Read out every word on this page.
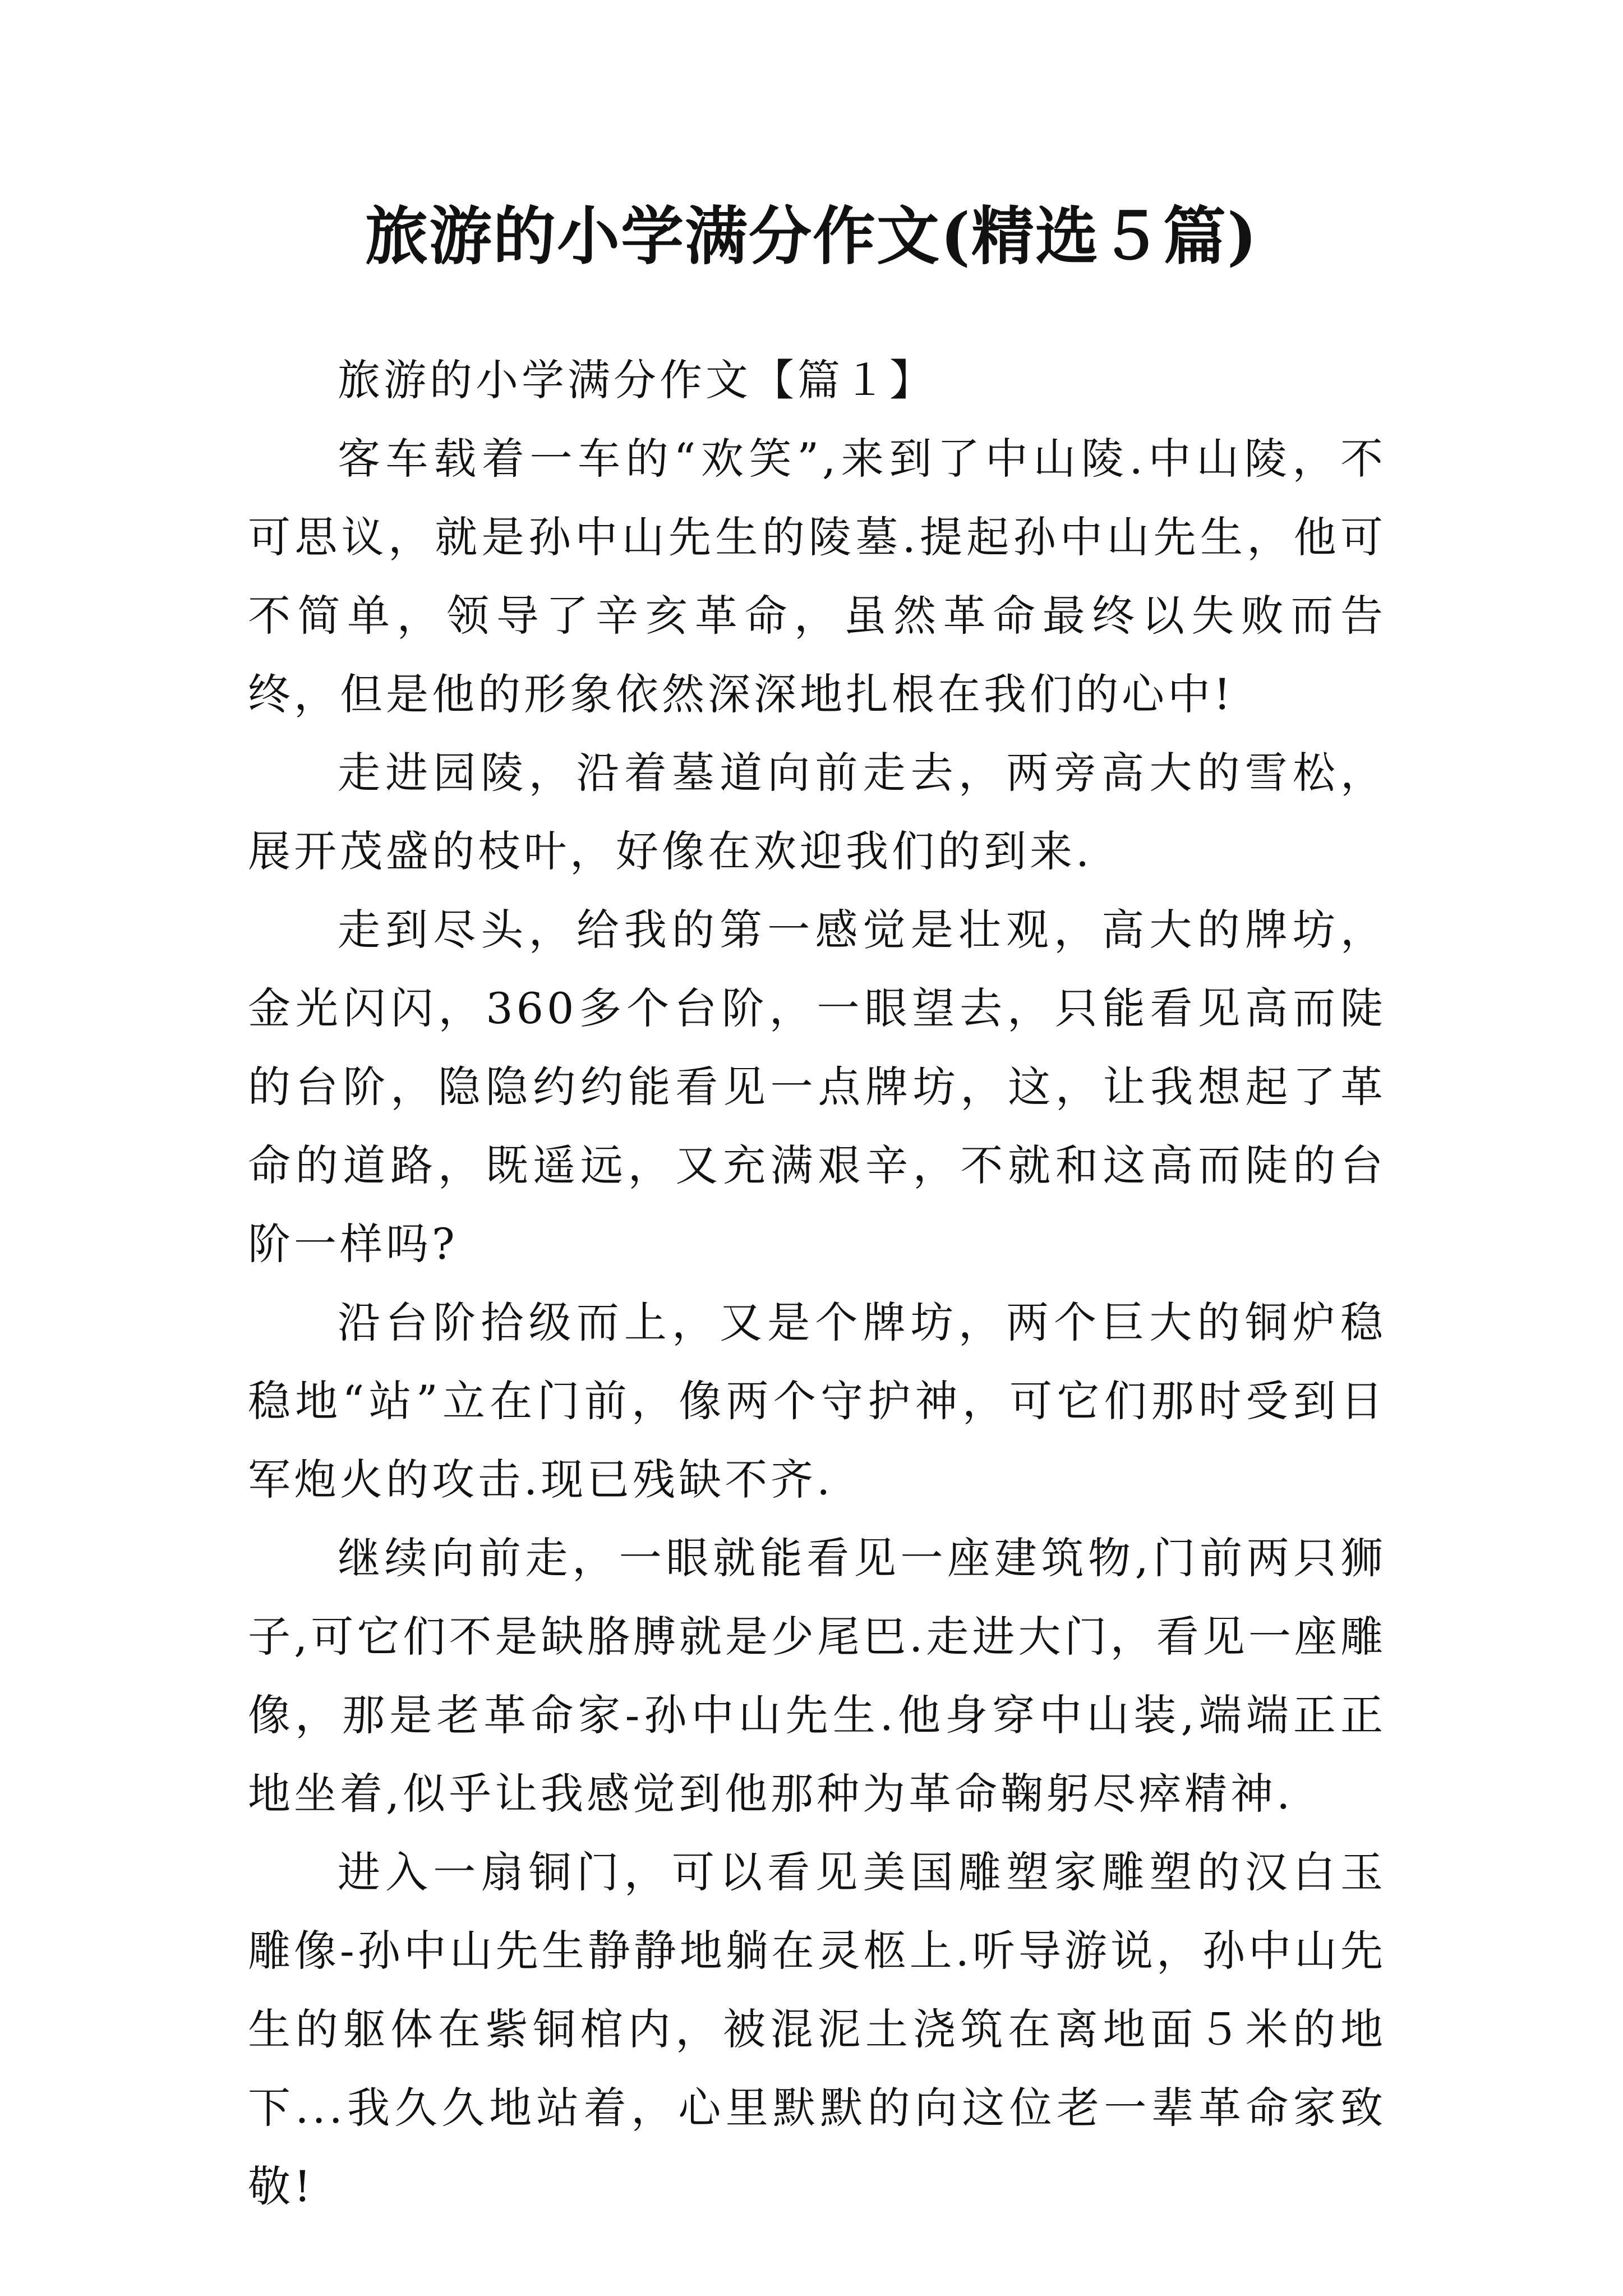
旅游的小学满分作文(精选５篇)

旅游的小学满分作文【篇１】

客车载着一车的“欢笑”,来到了中山陵.中山陵，不可思议，就是孙中山先生的陵墓.提起孙中山先生，他可不简单，领导了辛亥革命，虽然革命最终以失败而告终，但是他的形象依然深深地扎根在我们的心中!

走进园陵，沿着墓道向前走去，两旁高大的雪松，展开茂盛的枝叶，好像在欢迎我们的到来.

走到尽头，给我的第一感觉是壮观，高大的牌坊，金光闪闪，360多个台阶，一眼望去，只能看见高而陡的台阶，隐隐约约能看见一点牌坊，这，让我想起了革命的道路，既遥远，又充满艰辛，不就和这高而陡的台阶一样吗?

沿台阶拾级而上，又是个牌坊，两个巨大的铜炉稳稳地“站”立在门前，像两个守护神，可它们那时受到日军炮火的攻击.现已残缺不齐.

继续向前走，一眼就能看见一座建筑物,门前两只狮子,可它们不是缺胳膊就是少尾巴.走进大门，看见一座雕像，那是老革命家-孙中山先生.他身穿中山装,端端正正地坐着,似乎让我感觉到他那种为革命鞠躬尽瘁精神.

进入一扇铜门，可以看见美国雕塑家雕塑的汉白玉雕像-孙中山先生静静地躺在灵柩上.听导游说，孙中山先生的躯体在紫铜棺内，被混泥土浇筑在离地面５米的地下...我久久地站着，心里默默的向这位老一辈革命家致敬!
